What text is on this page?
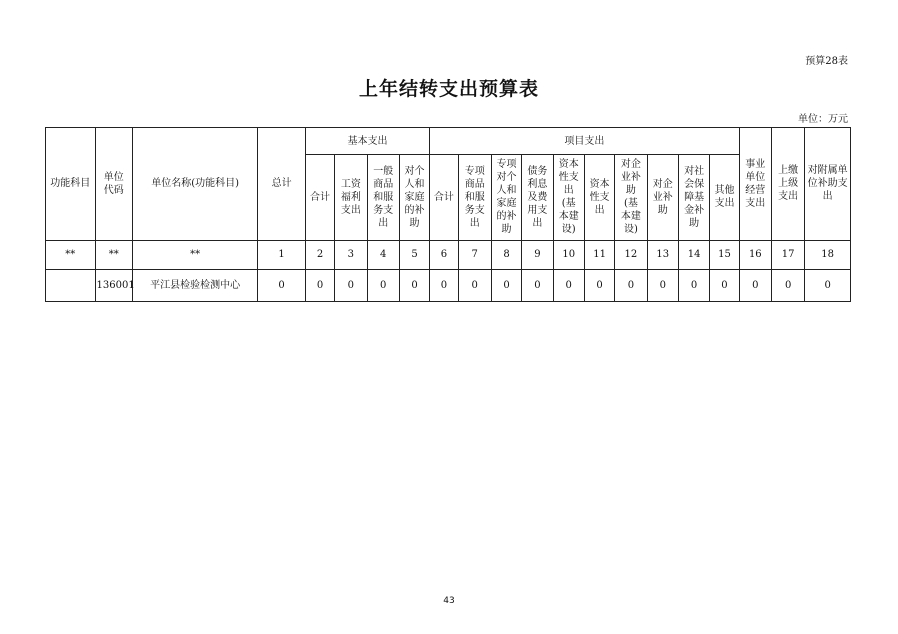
预算28表
上年结转支出预算表
单位：万元
功能科目	单位代码	单位名称(功能科目)	总计	基本支出				项目支出										事业单位经营支出	上缴上级支出	对附属单位补助支出
				合计	工资福利支出	一般商品和服务支出	对个人和家庭的补助	合计	专项商品和服务支出	专项对个人和家庭的补助	债务利息及费用支出	资本性支出(基本建设)	资本性支出	对企业补助(基本建设)	对企业补助	对社会保障基金补助	其他支出			
**	**	**	1	2	3	4	5	6	7	8	9	10	11	12	13	14	15	16	17	18
	136001	平江县检验检测中心	0	0	0	0	0	0	0	0	0	0	0	0	0	0	0	0	0	0
43
